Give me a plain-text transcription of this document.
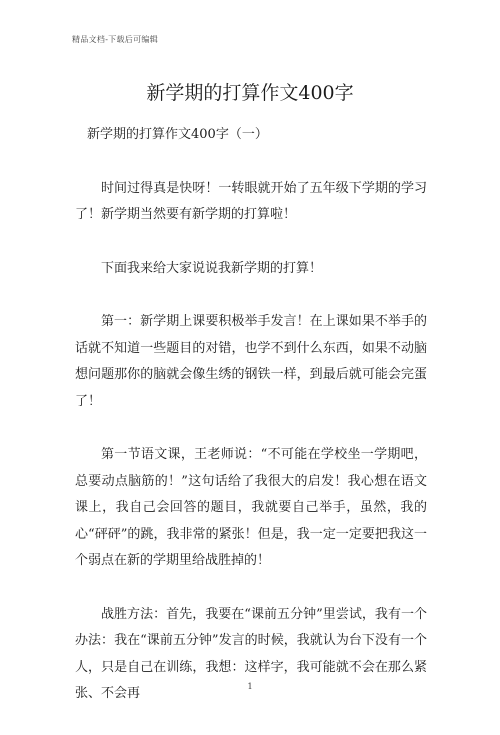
精品文档-下载后可编辑
新学期的打算作文400字

新学期的打算作文400字（一）

时间过得真是快呀！一转眼就开始了五年级下学期的学习了！新学期当然要有新学期的打算啦！

下面我来给大家说说我新学期的打算！

第一：新学期上课要积极举手发言！在上课如果不举手的话就不知道一些题目的对错，也学不到什么东西，如果不动脑想问题那你的脑就会像生绣的钢铁一样，到最后就可能会完蛋了！

第一节语文课，王老师说：“不可能在学校坐一学期吧，总要动点脑筋的！”这句话给了我很大的启发！我心想在语文课上，我自己会回答的题目，我就要自己举手，虽然，我的心“砰砰”的跳，我非常的紧张！但是，我一定一定要把我这一个弱点在新的学期里给战胜掉的！

战胜方法：首先，我要在“课前五分钟”里尝试，我有一个办法：我在“课前五分钟”发言的时候，我就认为台下没有一个人，只是自己在训练，我想：这样字，我可能就不会在那么紧张、不会再	1
